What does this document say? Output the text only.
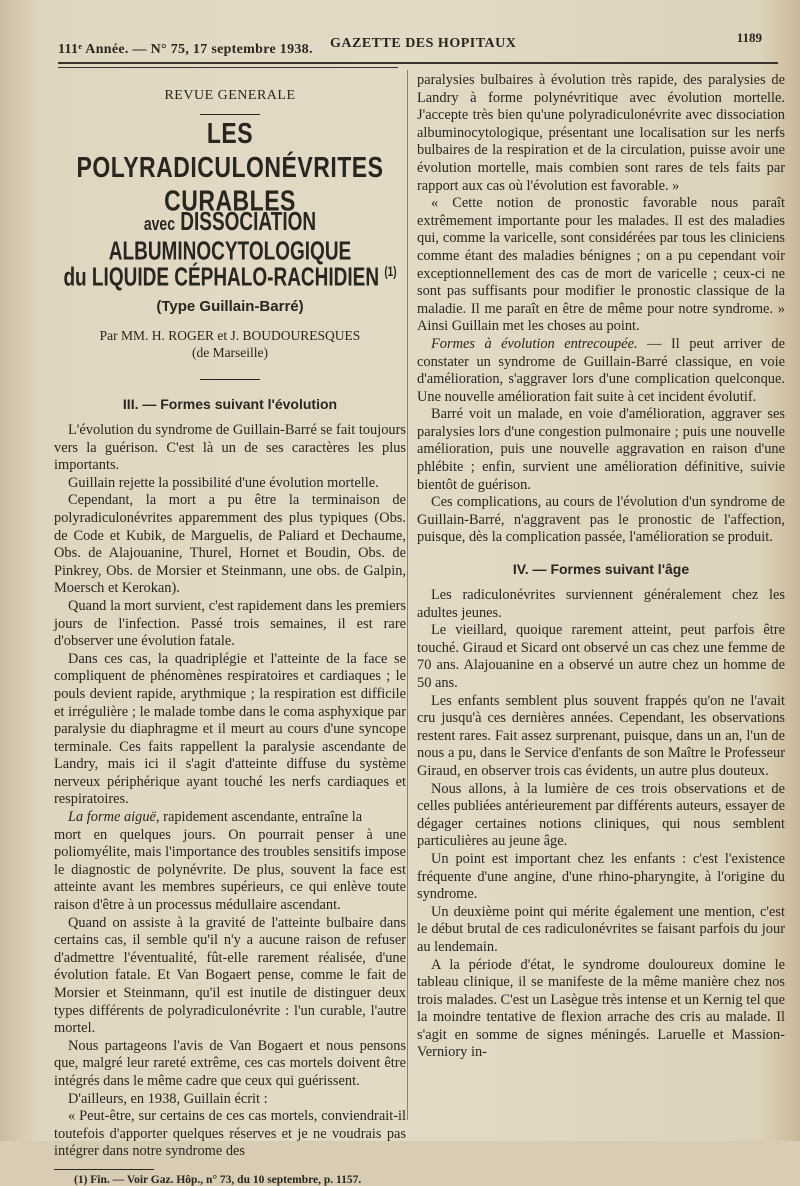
111ᵉ Année. — N° 75, 17 septembre 1938. GAZETTE DES HOPITAUX	1189
REVUE GENERALE
LES POLYRADICULONÉVRITES CURABLES
avec DISSOCIATION ALBUMINOCYTOLOGIQUE
du LIQUIDE CÉPHALO-RACHIDIEN $^{(1)}$
(Type Guillain-Barré)
Par MM. H. ROGER et J. BOUDOURESQUES
(de Marseille)
III. — Formes suivant l'évolution

L'évolution du syndrome de Guillain-Barré se fait toujours vers la guérison. C'est là un de ses caractères les plus importants.

Guillain rejette la possibilité d'une évolution mortelle.

Cependant, la mort a pu être la terminaison de polyradiculonévrites apparemment des plus typiques (Obs. de Code et Kubik, de Marguelis, de Paliard et Dechaume, Obs. de Alajouanine, Thurel, Hornet et Boudin, Obs. de Pinkrey, Obs. de Morsier et Steinmann, une obs. de Galpin, Moersch et Kerokan).

Quand la mort survient, c'est rapidement dans les premiers jours de l'infection. Passé trois semaines, il est rare d'observer une évolution fatale.

Dans ces cas, la quadriplégie et l'atteinte de la face se compliquent de phénomènes respiratoires et cardiaques ; le pouls devient rapide, arythmique ; la respiration est difficile et irrégulière ; le malade tombe dans le coma asphyxique par paralysie du diaphragme et il meurt au cours d'une syncope terminale. Ces faits rappellent la paralysie ascendante de Landry, mais ici il s'agit d'atteinte diffuse du système nerveux périphérique ayant touché les nerfs cardiaques et respiratoires.

La forme aiguë, rapidement ascendante, entraîne la

mort en quelques jours. On pourrait penser à une poliomyélite, mais l'importance des troubles sensitifs impose le diagnostic de polynévrite. De plus, souvent la face est atteinte avant les membres supérieurs, ce qui enlève toute raison d'être à un processus médullaire ascendant.

Quand on assiste à la gravité de l'atteinte bulbaire dans certains cas, il semble qu'il n'y a aucune raison de refuser d'admettre l'éventualité, fût-elle rarement réalisée, d'une évolution fatale. Et Van Bogaert pense, comme le fait de Morsier et Steinmann, qu'il est inutile de distinguer deux types différents de polyradiculonévrite : l'un curable, l'autre mortel.

Nous partageons l'avis de Van Bogaert et nous pensons que, malgré leur rareté extrême, ces cas mortels doivent être intégrés dans le même cadre que ceux qui guérissent.

D'ailleurs, en 1938, Guillain écrit :

« Peut-être, sur certains de ces cas mortels, conviendrait-il toutefois d'apporter quelques réserves et je ne voudrais pas intégrer dans notre syndrome des

(1) Fin. — Voir Gaz. Hôp., n° 73, du 10 septembre, p. 1157.

paralysies bulbaires à évolution très rapide, des paralysies de Landry à forme polynévritique avec évolution mortelle. J'accepte très bien qu'une polyradiculonévrite avec dissociation albuminocytologique, présentant une localisation sur les nerfs bulbaires de la respiration et de la circulation, puisse avoir une évolution mortelle, mais combien sont rares de tels faits par rapport aux cas où l'évolution est favorable. »

« Cette notion de pronostic favorable nous paraît extrêmement importante pour les malades. Il est des maladies qui, comme la varicelle, sont considérées par tous les cliniciens comme étant des maladies bénignes ; on a pu cependant voir exceptionnellement des cas de mort de varicelle ; ceux-ci ne sont pas suffisants pour modifier le pronostic classique de la maladie. Il me paraît en être de même pour notre syndrome. » Ainsi Guillain met les choses au point.

Formes à évolution entrecoupée. — Il peut arriver de constater un syndrome de Guillain-Barré classique, en voie d'amélioration, s'aggraver lors d'une complication quelconque. Une nouvelle amélioration fait suite à cet incident évolutif.

Barré voit un malade, en voie d'amélioration, aggraver ses paralysies lors d'une congestion pulmonaire ; puis une nouvelle amélioration, puis une nouvelle aggravation en raison d'une phlébite ; enfin, survient une amélioration définitive, suivie bientôt de guérison.

Ces complications, au cours de l'évolution d'un syndrome de Guillain-Barré, n'aggravent pas le pronostic de l'affection, puisque, dès la complication passée, l'amélioration se produit.

IV. — Formes suivant l'âge

Les radiculonévrites surviennent généralement chez les adultes jeunes.

Le vieillard, quoique rarement atteint, peut parfois être touché. Giraud et Sicard ont observé un cas chez une femme de 70 ans. Alajouanine en a observé un autre chez un homme de 50 ans.

Les enfants semblent plus souvent frappés qu'on ne l'avait cru jusqu'à ces dernières années. Cependant, les observations restent rares. Fait assez surprenant, puisque, dans un an, l'un de nous a pu, dans le Service d'enfants de son Maître le Professeur Giraud, en observer trois cas évidents, un autre plus douteux.

Nous allons, à la lumière de ces trois observations et de celles publiées antérieurement par différents auteurs, essayer de dégager certaines notions cliniques, qui nous semblent particulières au jeune âge.

Un point est important chez les enfants : c'est l'existence fréquente d'une angine, d'une rhino-pharyngite, à l'origine du syndrome.

Un deuxième point qui mérite également une mention, c'est le début brutal de ces radiculonévrites se faisant parfois du jour au lendemain.

A la période d'état, le syndrome douloureux domine le tableau clinique, il se manifeste de la même manière chez nos trois malades. C'est un Lasègue très intense et un Kernig tel que la moindre tentative de flexion arrache des cris au malade. Il s'agit en somme de signes méningés. Laruelle et Massion-Verniory in-
